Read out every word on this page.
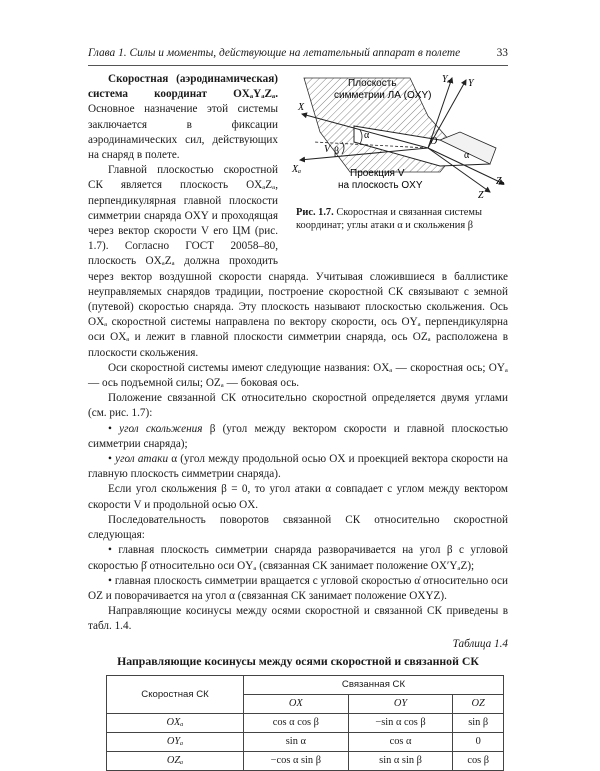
Глава 1. Силы и моменты, действующие на летательный аппарат в полете	33
Плоскость
симметрии ЛА (OXY)
Проекция V
на плоскость OXY
Yₐ Y
X
Xₐ
O
V
Z
Zₐ
β
α
α
Рис. 1.7. Скоростная и связанная системы координат; углы атаки α и скольжения β

Скоростная (аэродинамическая) система координат OXₐYₐZₐ. Основное назначение этой системы заключается в фиксации аэродинамических сил, действующих на снаряд в полете.

Главной плоскостью скоростной СК является плоскость OXₐZₐ, перпендикулярная главной плоскости симметрии снаряда OXY и проходящая через вектор скорости V его ЦМ (рис. 1.7). Согласно ГОСТ 20058–80, плоскость OXₐZₐ должна проходить через вектор воздушной скорости снаряда. Учитывая сложившиеся в баллистике неуправляемых снарядов традиции, построение скоростной СК связывают с земной (путевой) скоростью снаряда. Эту плоскость называют плоскостью скольжения. Ось OXₐ скоростной системы направлена по вектору скорости, ось OYₐ перпендикулярна оси OXₐ и лежит в главной плоскости симметрии снаряда, ось OZₐ расположена в плоскости скольжения.

Оси скоростной системы имеют следующие названия: OXₐ — скоростная ось; OYₐ — ось подъемной силы; OZₐ — боковая ось.

Положение связанной СК относительно скоростной определяется двумя углами (см. рис. 1.7):

• угол скольжения β (угол между вектором скорости и главной плоскостью симметрии снаряда);

• угол атаки α (угол между продольной осью OX и проекцией вектора скорости на главную плоскость симметрии снаряда).

Если угол скольжения β = 0, то угол атаки α совпадает с углом между вектором скорости V и продольной осью OX.

Последовательность поворотов связанной СК относительно скоростной следующая:

• главная плоскость симметрии снаряда разворачивается на угол β с угловой скоростью β̇ относительно оси OYₐ (связанная СК занимает положение OX′YₐZ);

• главная плоскость симметрии вращается с угловой скоростью α̇ относительно оси OZ и поворачивается на угол α (связанная СК занимает положение OXYZ).

Направляющие косинусы между осями скоростной и связанной СК приведены в табл. 1.4.

Таблица 1.4
Направляющие косинусы между осями скоростной и связанной СК
Скоростная СК	Связанная СК		
	OX	OY	OZ
OXₐ	cos α cos β	−sin α cos β	sin β
OYₐ	sin α	cos α	0
OZₐ	−cos α sin β	sin α sin β	cos β
